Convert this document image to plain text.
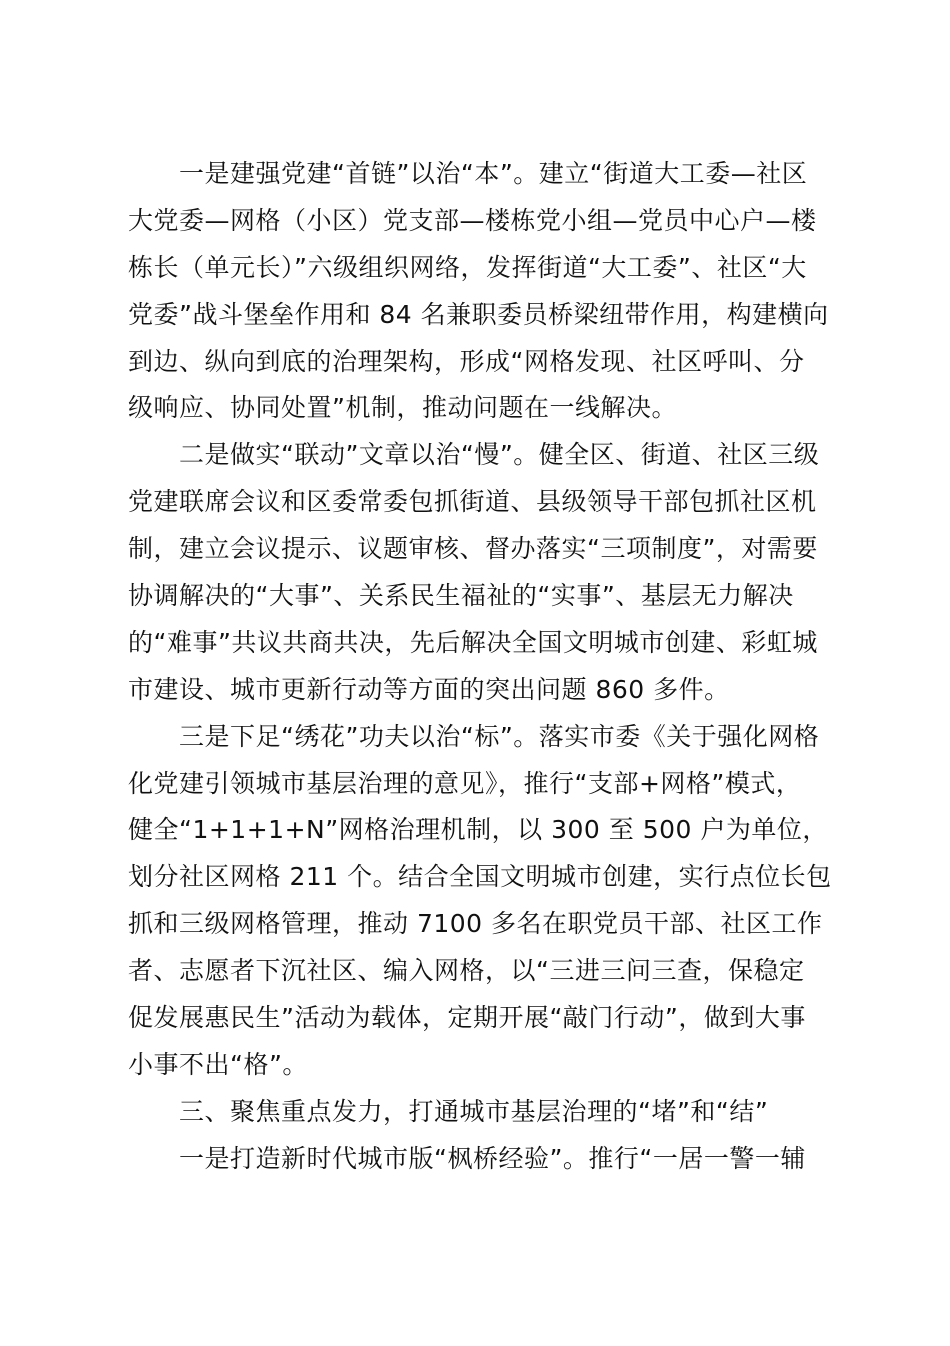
一是建强党建“首链”以治“本”。建立“街道大工委—社区
大党委—网格（小区）党支部—楼栋党小组—党员中心户—楼
栋长（单元长）”六级组织网络，发挥街道“大工委”、社区“大
党委”战斗堡垒作用和 84 名兼职委员桥梁纽带作用，构建横向
到边、纵向到底的治理架构，形成“网格发现、社区呼叫、分
级响应、协同处置”机制，推动问题在一线解决。
二是做实“联动”文章以治“慢”。健全区、街道、社区三级
党建联席会议和区委常委包抓街道、县级领导干部包抓社区机
制，建立会议提示、议题审核、督办落实“三项制度”，对需要
协调解决的“大事”、关系民生福祉的“实事”、基层无力解决
的“难事”共议共商共决，先后解决全国文明城市创建、彩虹城
市建设、城市更新行动等方面的突出问题 860 多件。
三是下足“绣花”功夫以治“标”。落实市委《关于强化网格
化党建引领城市基层治理的意见》，推行“支部+网格”模式，
健全“1+1+1+N”网格治理机制，以 300 至 500 户为单位，
划分社区网格 211 个。结合全国文明城市创建，实行点位长包
抓和三级网格管理，推动 7100 多名在职党员干部、社区工作
者、志愿者下沉社区、编入网格，以“三进三问三查，保稳定
促发展惠民生”活动为载体，定期开展“敲门行动”，做到大事
小事不出“格”。
三、聚焦重点发力，打通城市基层治理的“堵”和“结”
一是打造新时代城市版“枫桥经验”。推行“一居一警一辅
